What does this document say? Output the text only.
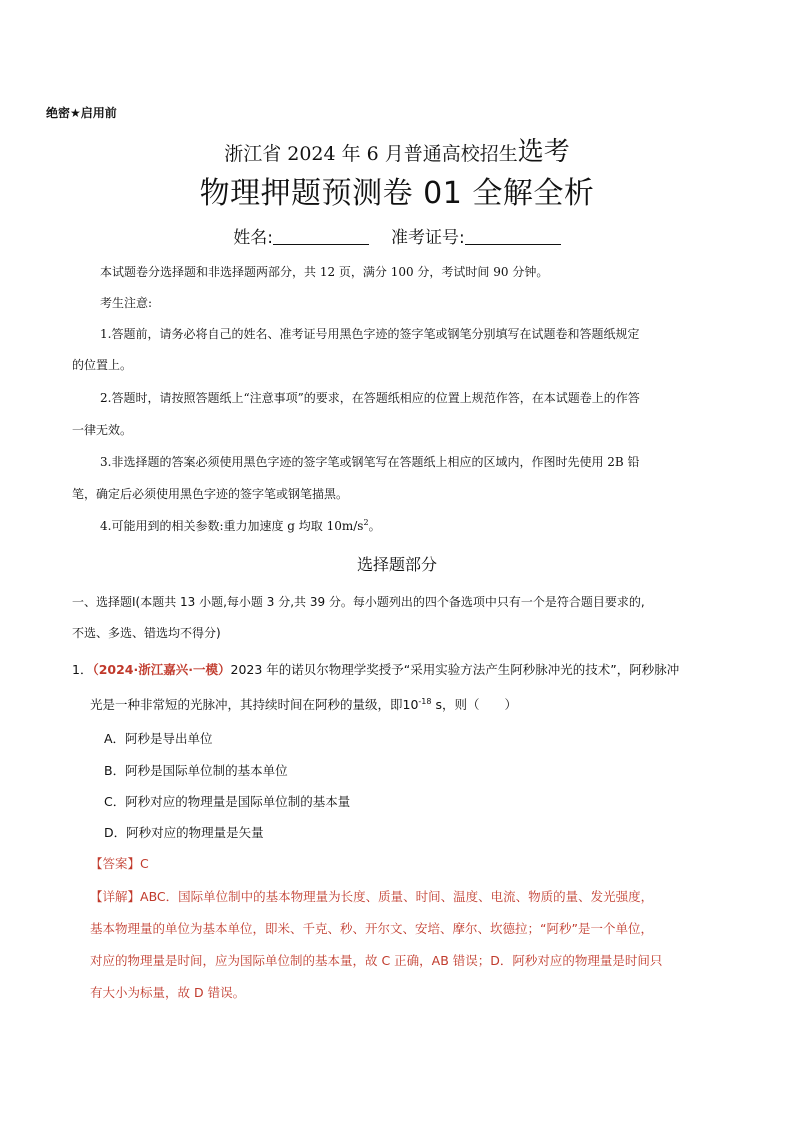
绝密★启用前
浙江省 2024 年 6 月普通高校招生选考
物理押题预测卷 01 全解全析
姓名:	准考证号:
本试题卷分选择题和非选择题两部分，共 12 页，满分 100 分，考试时间 90 分钟。
考生注意:
1.答题前，请务必将自己的姓名、准考证号用黑色字迹的签字笔或钢笔分别填写在试题卷和答题纸规定
的位置上。
2.答题时，请按照答题纸上“注意事项”的要求，在答题纸相应的位置上规范作答，在本试题卷上的作答
一律无效。
3.非选择题的答案必须使用黑色字迹的签字笔或钢笔写在答题纸上相应的区域内，作图时先使用 2B 铅
笔，确定后必须使用黑色字迹的签字笔或钢笔描黑。
4.可能用到的相关参数:重力加速度 g 均取 $10m/s^2$。
选择题部分
一、选择题Ⅰ(本题共 13 小题,每小题 3 分,共 39 分。每小题列出的四个备选项中只有一个是符合题目要求的,
不选、多选、错选均不得分)
1．（2024·浙江嘉兴·一模）2023 年的诺贝尔物理学奖授予“采用实验方法产生阿秒脉冲光的技术”，阿秒脉冲
光是一种非常短的光脉冲，其持续时间在阿秒的量级，即$10^{-18}$ s，则（　　）
A．阿秒是导出单位
B．阿秒是国际单位制的基本单位
C．阿秒对应的物理量是国际单位制的基本量
D．阿秒对应的物理量是矢量
【答案】C
【详解】ABC．国际单位制中的基本物理量为长度、质量、时间、温度、电流、物质的量、发光强度，
基本物理量的单位为基本单位，即米、千克、秒、开尔文、安培、摩尔、坎德拉；“阿秒”是一个单位，
对应的物理量是时间，应为国际单位制的基本量，故 C 正确，AB 错误；D．阿秒对应的物理量是时间只
有大小为标量，故 D 错误。
